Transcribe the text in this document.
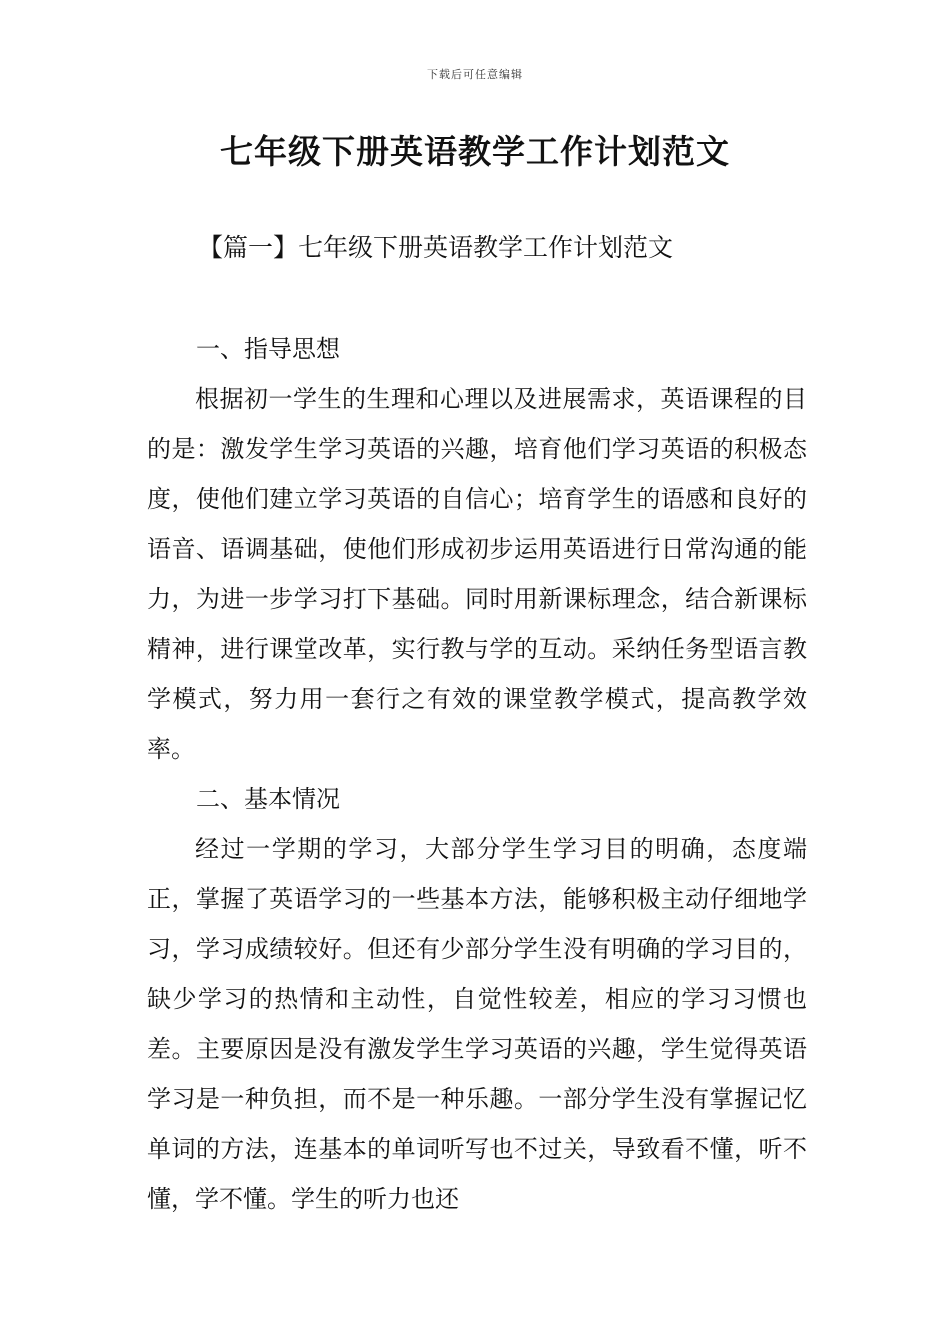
下载后可任意编辑
七年级下册英语教学工作计划范文
【篇一】七年级下册英语教学工作计划范文
一、指导思想

根据初一学生的生理和心理以及进展需求，英语课程的目的是：激发学生学习英语的兴趣，培育他们学习英语的积极态度，使他们建立学习英语的自信心；培育学生的语感和良好的语音、语调基础，使他们形成初步运用英语进行日常沟通的能力，为进一步学习打下基础。同时用新课标理念，结合新课标精神，进行课堂改革，实行教与学的互动。采纳任务型语言教学模式，努力用一套行之有效的课堂教学模式，提高教学效率。

二、基本情况

经过一学期的学习，大部分学生学习目的明确，态度端正，掌握了英语学习的一些基本方法，能够积极主动仔细地学习，学习成绩较好。但还有少部分学生没有明确的学习目的，缺少学习的热情和主动性，自觉性较差，相应的学习习惯也差。主要原因是没有激发学生学习英语的兴趣，学生觉得英语学习是一种负担，而不是一种乐趣。一部分学生没有掌握记忆单词的方法，连基本的单词听写也不过关，导致看不懂，听不懂，学不懂。学生的听力也还
